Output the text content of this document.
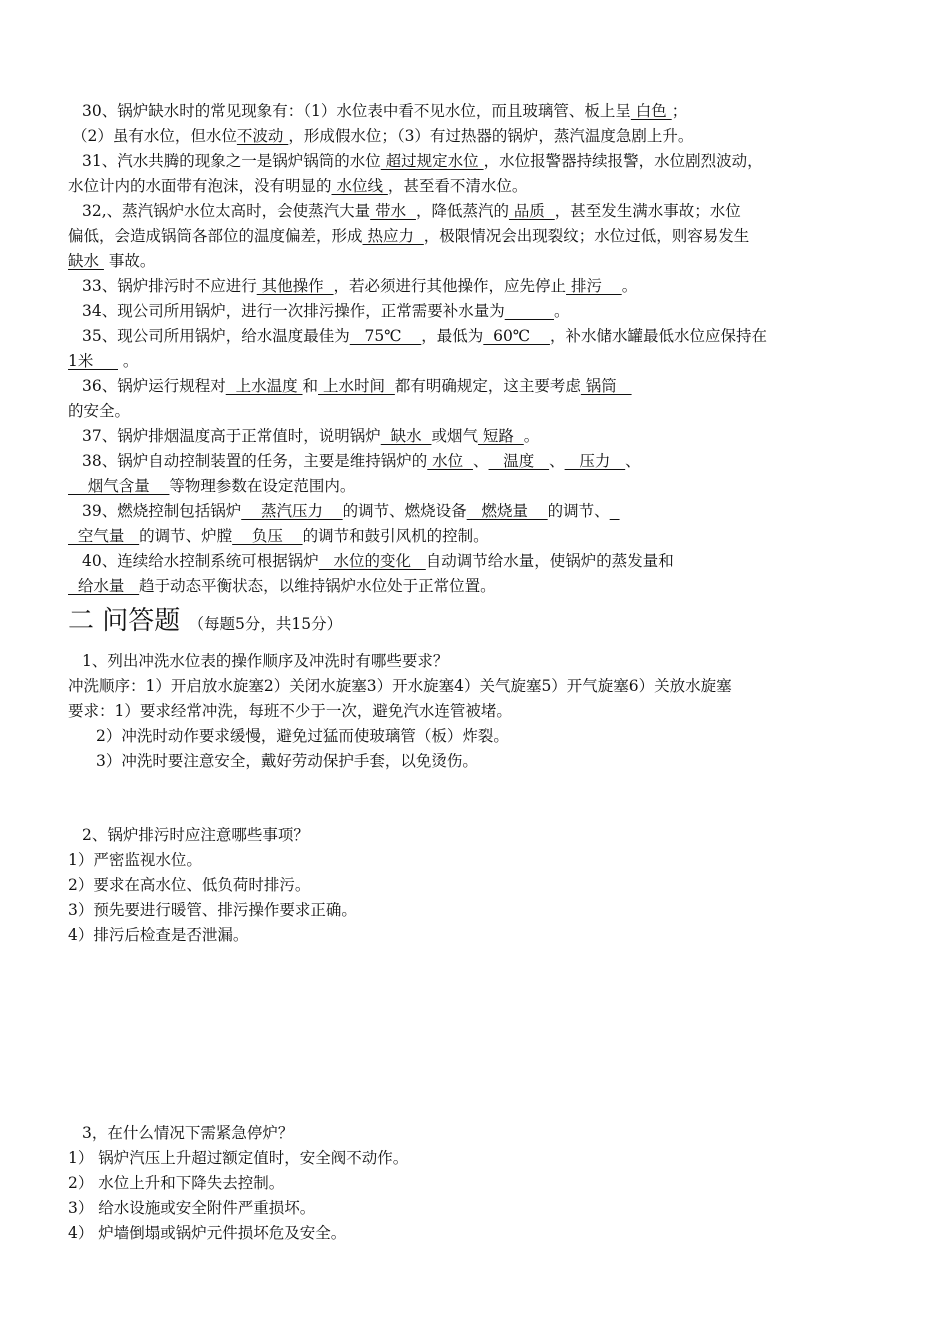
30、锅炉缺水时的常见现象有：（1）水位表中看不见水位，而且玻璃管、板上呈 白色 ；
（2）虽有水位，但水位不波动 ，形成假水位；（3）有过热器的锅炉，蒸汽温度急剧上升。
31、汽水共腾的现象之一是锅炉锅筒的水位 超过规定水位 ，水位报警器持续报警，水位剧烈波动，
水位计内的水面带有泡沫，没有明显的 水位线 ，甚至看不清水位。
32,、蒸汽锅炉水位太高时，会使蒸汽大量 带水  ，降低蒸汽的 品质  ，甚至发生满水事故；水位
偏低，会造成锅筒各部位的温度偏差，形成 热应力  ，极限情况会出现裂纹；水位过低，则容易发生
缺水  事故。
33、锅炉排污时不应进行 其他操作  ，若必须进行其他操作，应先停止 排污    。
34、现公司所用锅炉，进行一次排污操作，正常需要补水量为	。
35、现公司所用锅炉，给水温度最佳为   75℃    ，最低为  60℃    ，补水储水罐最低水位应保持在
1米      。
36、锅炉运行规程对  上水温度 和 上水时间  都有明确规定，这主要考虑 锅筒
的安全。
37、锅炉排烟温度高于正常值时，说明锅炉  缺水  或烟气 短路  。
38、锅炉自动控制装置的任务，主要是维持锅炉的 水位  、   温度   、   压力   、
烟气含量    等物理参数在设定范围内。
39、燃烧控制包括锅炉    蒸汽压力    的调节、燃烧设备   燃烧量    的调节、
空气量   的调节、炉膛    负压    的调节和鼓引风机的控制。
40、连续给水控制系统可根据锅炉   水位的变化   自动调节给水量，使锅炉的蒸发量和
给水量   趋于动态平衡状态，以维持锅炉水位处于正常位置。
二 问答题 （每题5分，共15分）
1、列出冲洗水位表的操作顺序及冲洗时有哪些要求？
冲洗顺序：1）开启放水旋塞2）关闭水旋塞3）开水旋塞4）关气旋塞5）开气旋塞6）关放水旋塞
要求：1）要求经常冲洗，每班不少于一次，避免汽水连管被堵。
2）冲洗时动作要求缓慢，避免过猛而使玻璃管（板）炸裂。
3）冲洗时要注意安全，戴好劳动保护手套，以免烫伤。
2、锅炉排污时应注意哪些事项？
1）严密监视水位。
2）要求在高水位、低负荷时排污。
3）预先要进行暖管、排污操作要求正确。
4）排污后检查是否泄漏。
3，在什么情况下需紧急停炉？
1） 锅炉汽压上升超过额定值时，安全阀不动作。
2） 水位上升和下降失去控制。
3） 给水设施或安全附件严重损坏。
4） 炉墙倒塌或锅炉元件损坏危及安全。
